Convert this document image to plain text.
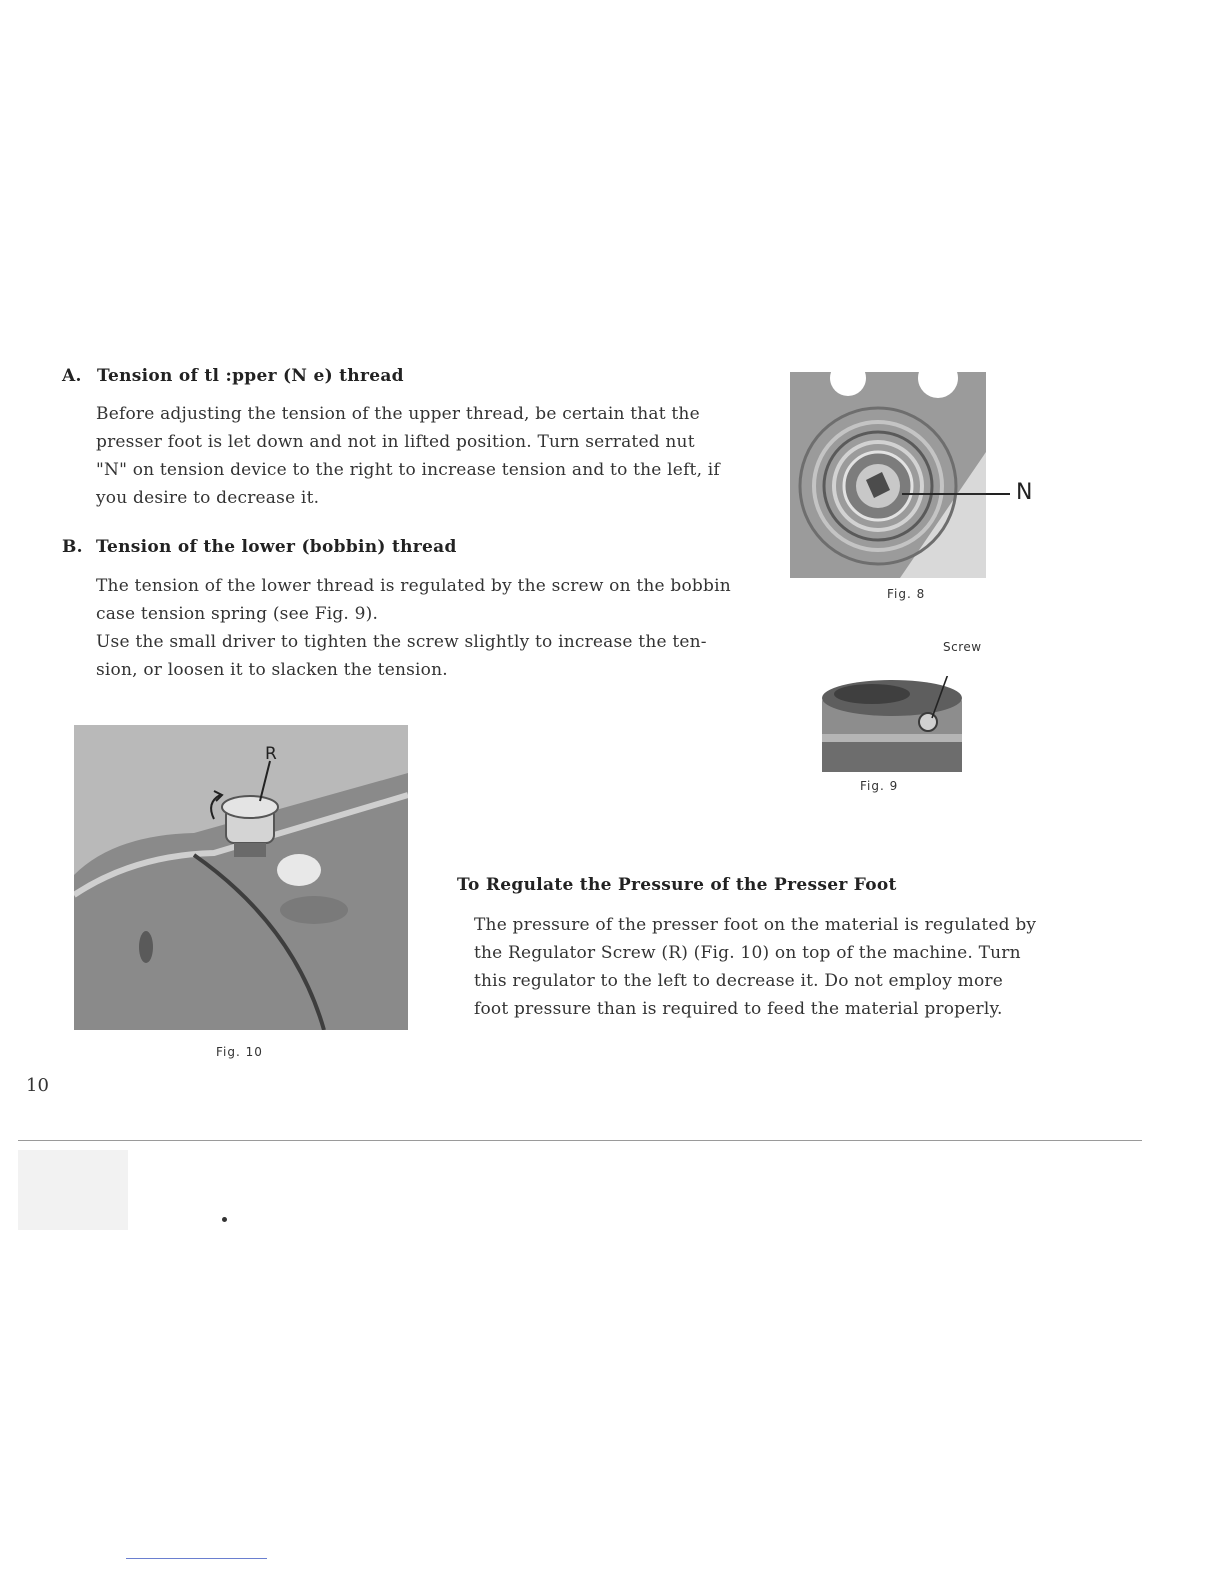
A. Tension of tl :pper (N e) thread
Before adjusting the tension of the upper thread, be certain that the
presser foot is let down and not in lifted position. Turn serrated nut
"N" on tension device to the right to increase tension and to the left, if
you desire to decrease it.
B. Tension of the lower (bobbin) thread
The tension of the lower thread is regulated by the screw on the bobbin
case tension spring (see Fig. 9).
Use the small driver to tighten the screw slightly to increase the ten-
sion, or loosen it to slacken the tension.
N
Fig. 8
Screw
Fig. 9
R
Fig. 10
To Regulate the Pressure of the Presser Foot
The pressure of the presser foot on the material is regulated by
the Regulator Screw (R) (Fig. 10) on top of the machine. Turn
this regulator to the left to decrease it. Do not employ more
foot pressure than is required to feed the material properly.
10
